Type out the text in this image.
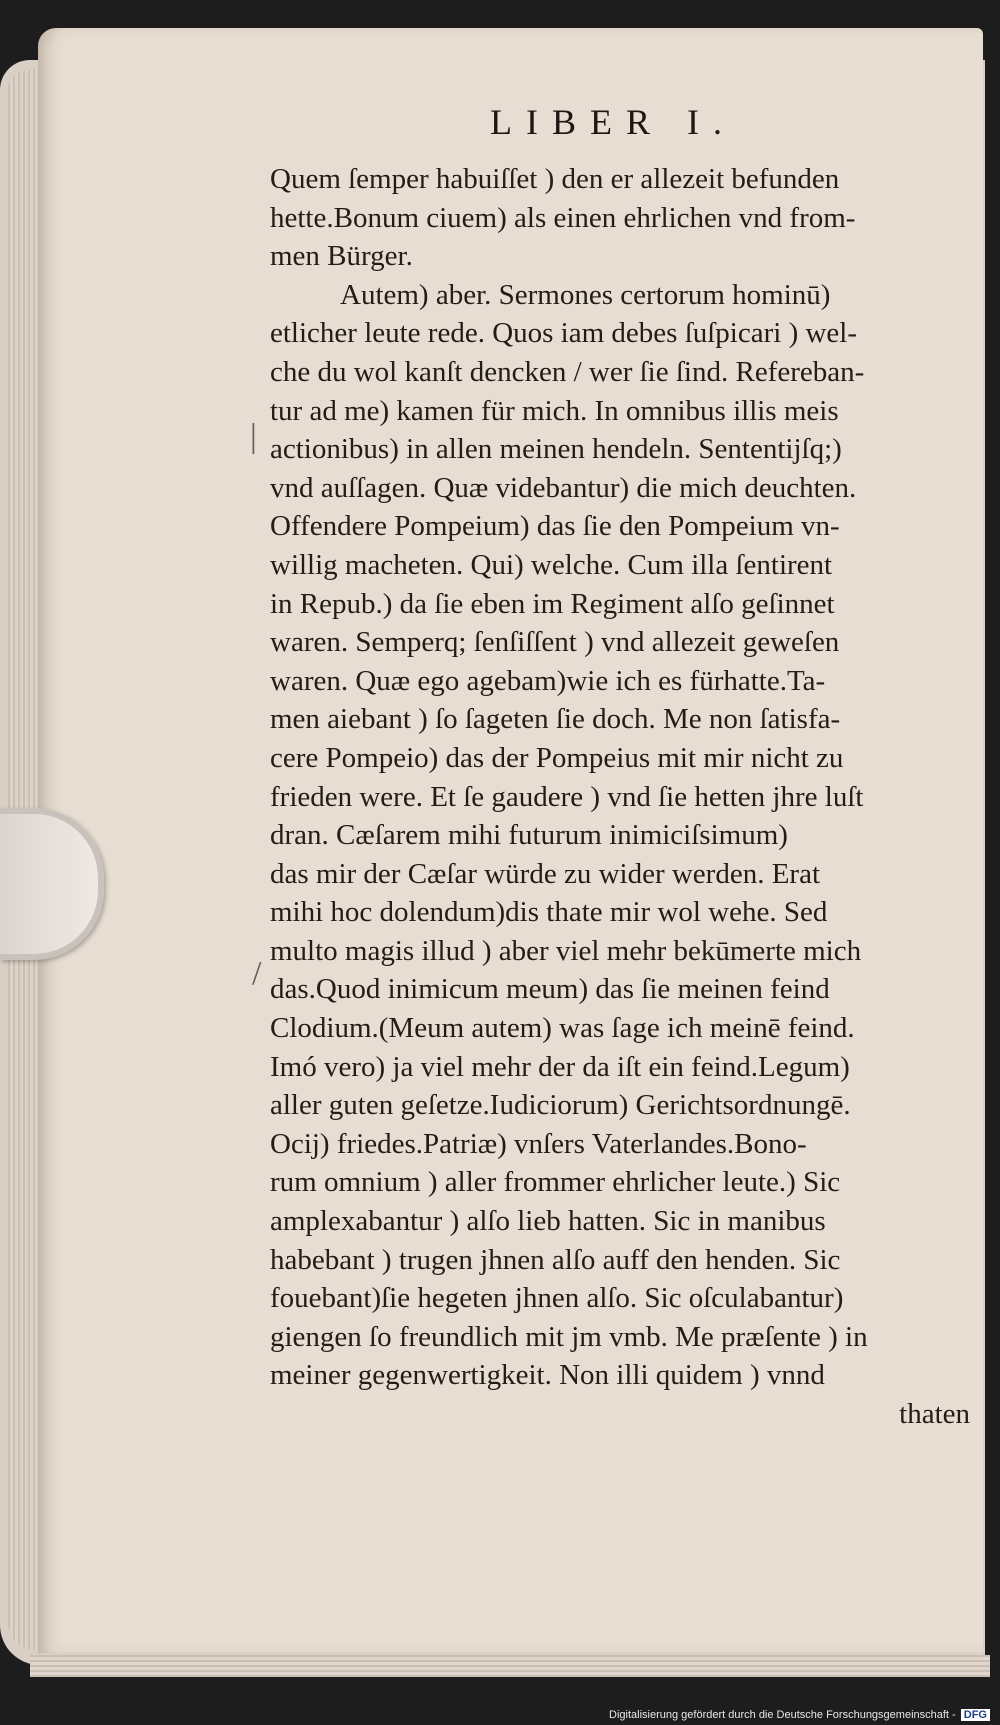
LIBER I.
Quem ſemper habuiſſet ) den er allezeit befunden
hette.Bonum ciuem) als einen ehrlichen vnd from-
men Bürger.
Autem) aber. Sermones certorum hominū)
etlicher leute rede. Quos iam debes ſuſpicari ) wel-
che du wol kanſt dencken / wer ſie ſind. Refereban-
tur ad me) kamen für mich. In omnibus illis meis
actionibus) in allen meinen hendeln. Sententijſq;)
vnd auſſagen. Quæ videbantur) die mich deuchten.
Offendere Pompeium) das ſie den Pompeium vn-
willig macheten. Qui) welche. Cum illa ſentirent
in Repub.) da ſie eben im Regiment alſo geſinnet
waren. Semperq; ſenſiſſent ) vnd allezeit geweſen
waren. Quæ ego agebam)wie ich es fürhatte.Ta-
men aiebant ) ſo ſageten ſie doch. Me non ſatisfa-
cere Pompeio) das der Pompeius mit mir nicht zu
frieden were. Et ſe gaudere ) vnd ſie hetten jhre luſt
dran. Cæſarem mihi futurum inimiciſsimum)
das mir der Cæſar würde zu wider werden. Erat
mihi hoc dolendum)dis thate mir wol wehe. Sed
multo magis illud ) aber viel mehr bekūmerte mich
das.Quod inimicum meum) das ſie meinen feind
Clodium.(Meum autem) was ſage ich meinē feind.
Imó vero) ja viel mehr der da iſt ein feind.Legum)
aller guten geſetze.Iudiciorum) Gerichtsordnungē.
Ocij) friedes.Patriæ) vnſers Vaterlandes.Bono-
rum omnium ) aller frommer ehrlicher leute.) Sic
amplexabantur ) alſo lieb hatten. Sic in manibus
habebant ) trugen jhnen alſo auff den henden. Sic
fouebant)ſie hegeten jhnen alſo. Sic oſculabantur)
giengen ſo freundlich mit jm vmb. Me præſente ) in
meiner gegenwertigkeit. Non illi quidem ) vnnd
thaten
|
/
Digitalisierung gefördert durch die Deutsche Forschungsgemeinschaft - DFG
